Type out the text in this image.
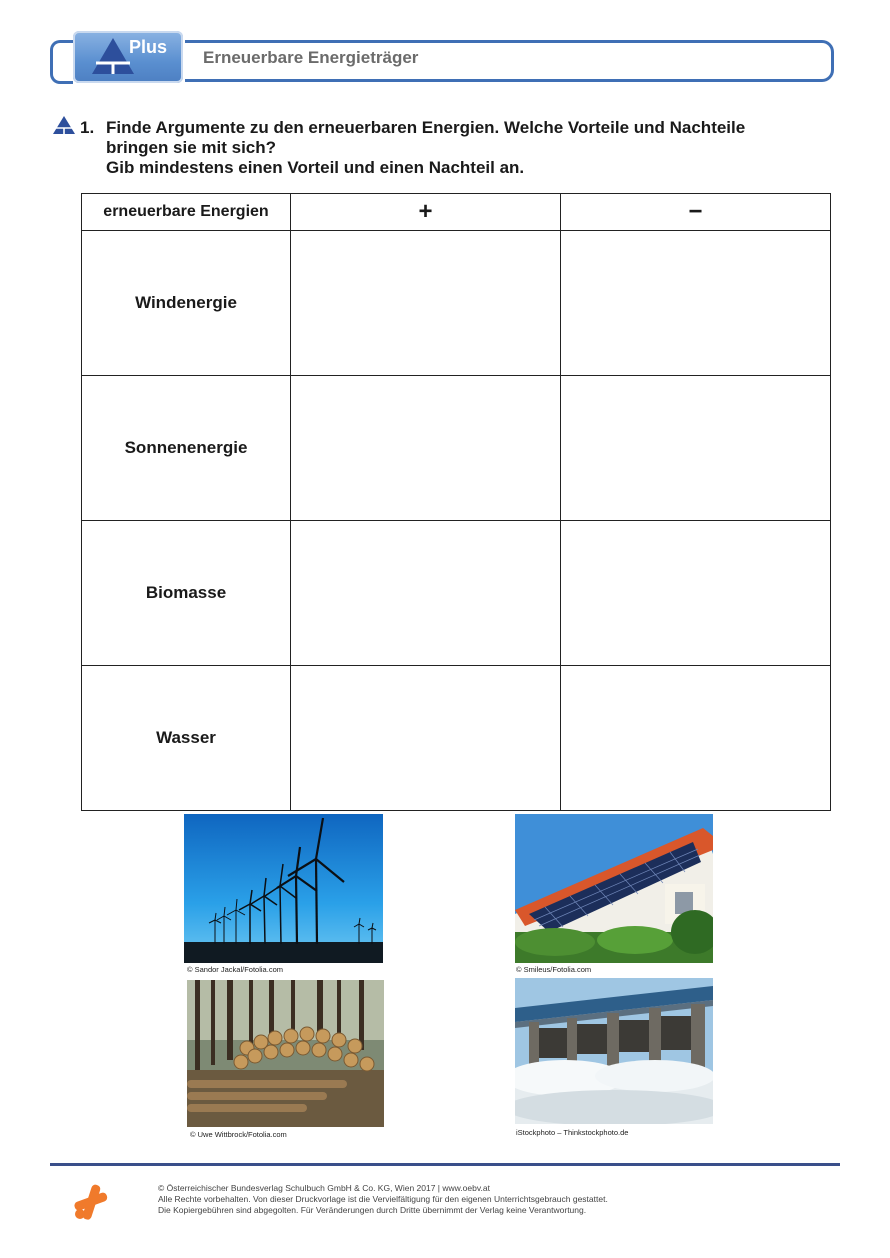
Plus
Erneuerbare Energieträger
1. Finde Argumente zu den erneuerbaren Energien. Welche Vorteile und Nachteile
bringen sie mit sich?
Gib mindestens einen Vorteil und einen Nachteil an.
erneuerbare Energien	+	−
Windenergie		
Sonnenenergie		
Biomasse		
Wasser		
© Sandor Jackal/Fotolia.com	© Smileus/Fotolia.com
© Uwe Wittbrock/Fotolia.com	iStockphoto – Thinkstockphoto.de
© Österreichischer Bundesverlag Schulbuch GmbH & Co. KG, Wien 2017 | www.oebv.at
Alle Rechte vorbehalten. Von dieser Druckvorlage ist die Vervielfältigung für den eigenen Unterrichtsgebrauch gestattet.
Die Kopiergebühren sind abgegolten. Für Veränderungen durch Dritte übernimmt der Verlag keine Verantwortung.
